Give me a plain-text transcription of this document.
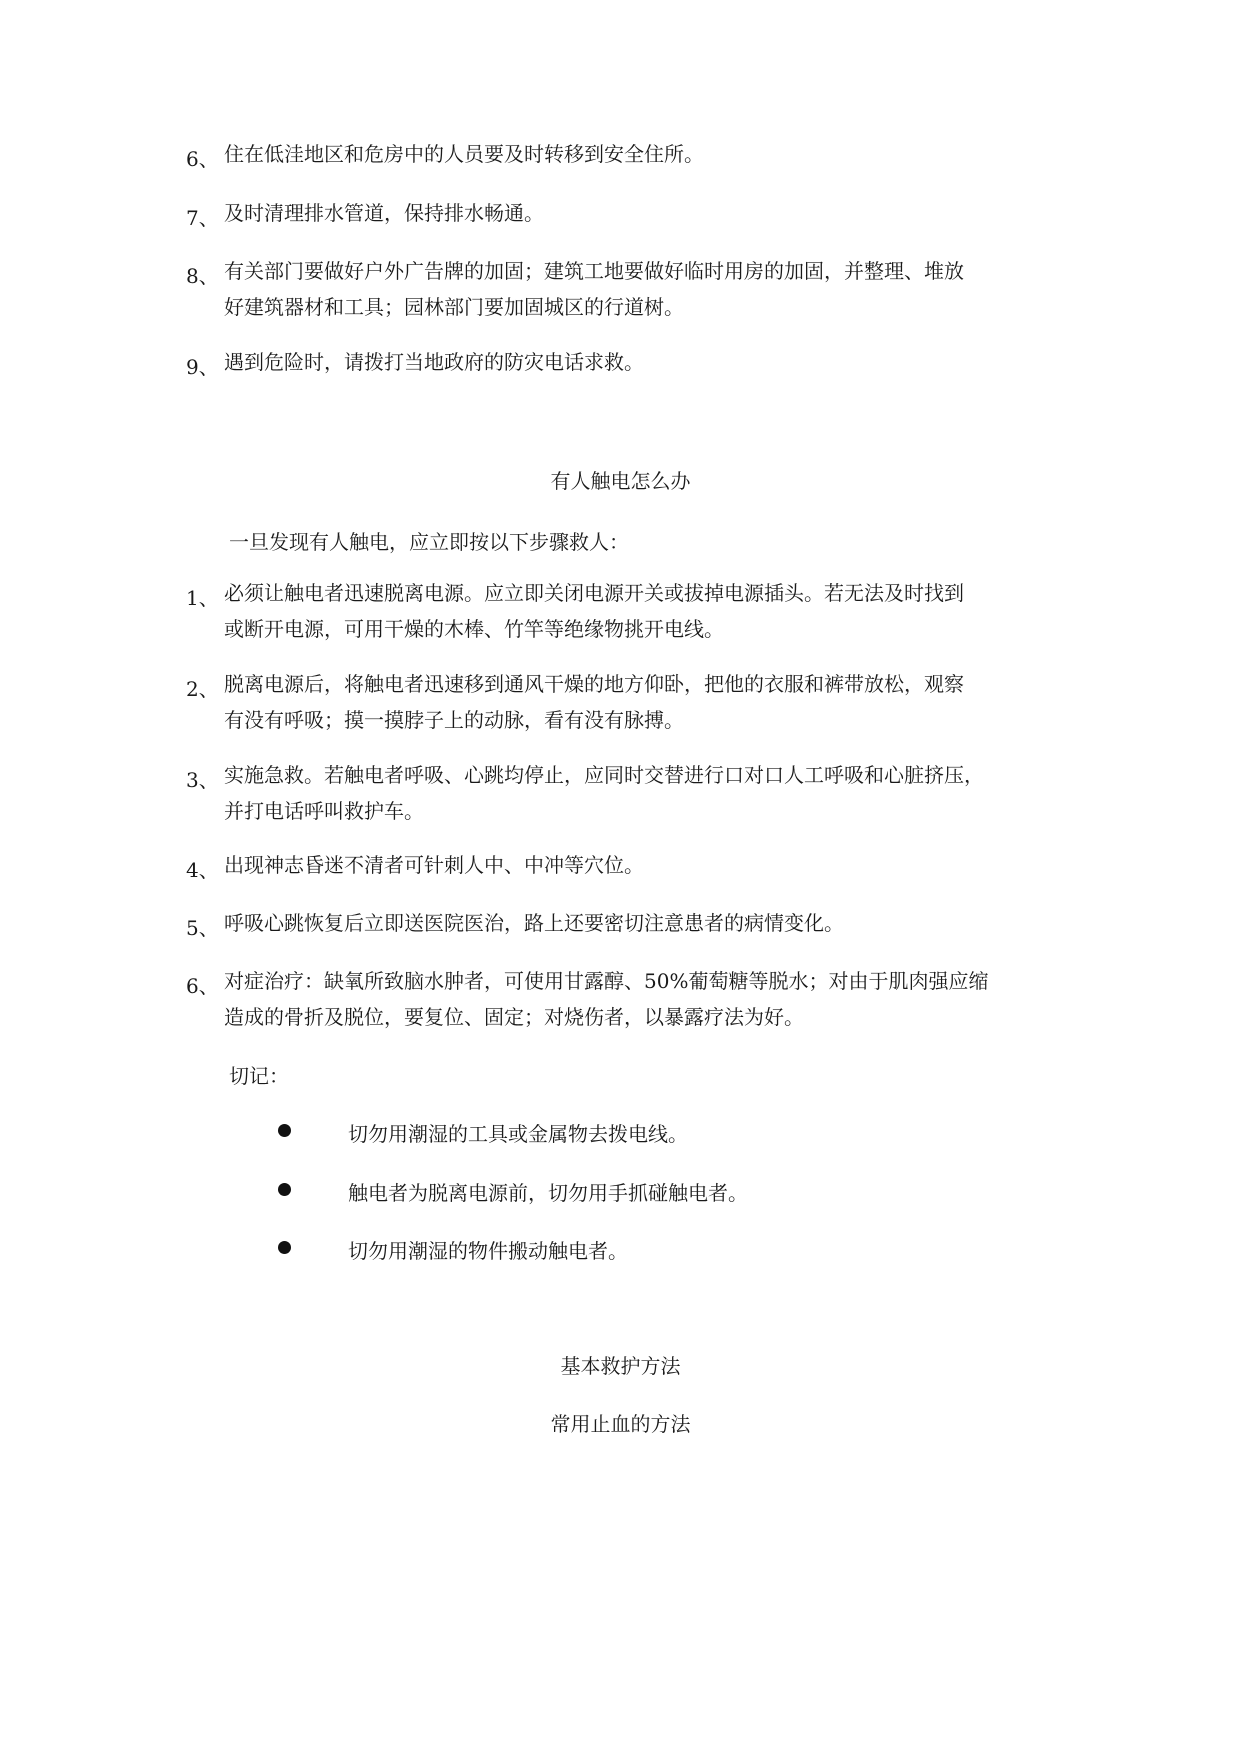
6、 住在低洼地区和危房中的人员要及时转移到安全住所。
7、 及时清理排水管道，保持排水畅通。
8、 有关部门要做好户外广告牌的加固；建筑工地要做好临时用房的加固，并整理、堆放
好建筑器材和工具；园林部门要加固城区的行道树。
9、 遇到危险时，请拨打当地政府的防灾电话求救。
有人触电怎么办
一旦发现有人触电，应立即按以下步骤救人：
1、 必须让触电者迅速脱离电源。应立即关闭电源开关或拔掉电源插头。若无法及时找到
或断开电源，可用干燥的木棒、竹竿等绝缘物挑开电线。
2、 脱离电源后，将触电者迅速移到通风干燥的地方仰卧，把他的衣服和裤带放松，观察
有没有呼吸；摸一摸脖子上的动脉，看有没有脉搏。
3、 实施急救。若触电者呼吸、心跳均停止，应同时交替进行口对口人工呼吸和心脏挤压，
并打电话呼叫救护车。
4、 出现神志昏迷不清者可针刺人中、中冲等穴位。
5、 呼吸心跳恢复后立即送医院医治，路上还要密切注意患者的病情变化。
6、 对症治疗：缺氧所致脑水肿者，可使用甘露醇、50%葡萄糖等脱水；对由于肌肉强应缩
造成的骨折及脱位，要复位、固定；对烧伤者，以暴露疗法为好。
切记：
切勿用潮湿的工具或金属物去拨电线。
触电者为脱离电源前，切勿用手抓碰触电者。
切勿用潮湿的物件搬动触电者。
基本救护方法
常用止血的方法
